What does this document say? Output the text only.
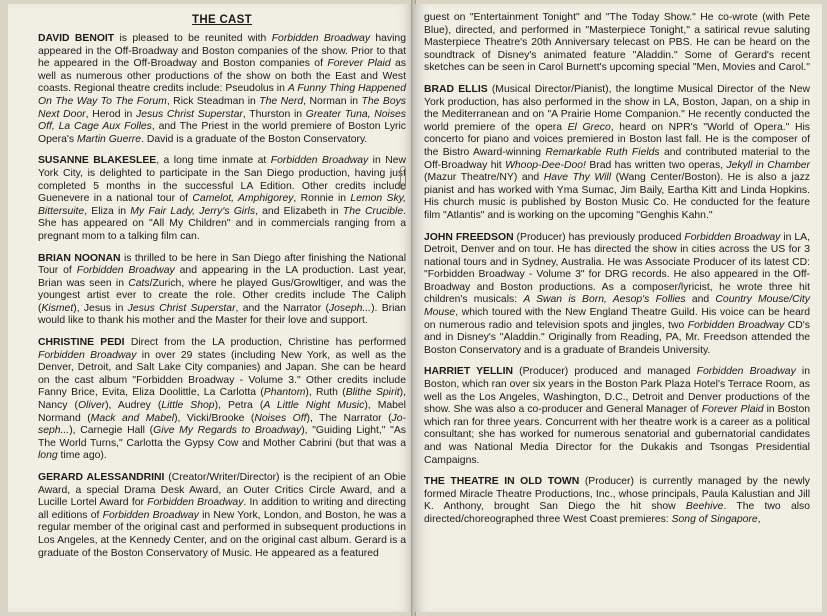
THE CAST

DAVID BENOIT is pleased to be reunited with Forbidden Broadway having appeared in the Off-Broadway and Boston companies of the show. Prior to that he appeared in the Off-Broadway and Boston companies of Forever Plaid as well as numerous other productions of the show on both the East and West coasts. Regional theatre credits include: Pseudolus in A Funny Thing Happened On The Way To The Forum, Rick Steadman in The Nerd, Norman in The Boys Next Door, Herod in Jesus Christ Superstar, Thurston in Greater Tuna, Noises Off, La Cage Aux Folles, and The Priest in the world premiere of Boston Lyric Opera's Martin Guerre. David is a graduate of the Boston Conservatory.

SUSANNE BLAKESLEE, a long time inmate at Forbidden Broadway in New York City, is delighted to participate in the San Diego production, having just completed 5 months in the successful LA Edition. Other credits include Guenevere in a national tour of Camelot, Amphigorey, Ronnie in Lemon Sky, Bittersuite, Eliza in My Fair Lady, Jerry's Girls, and Elizabeth in The Crucible. She has appeared on "All My Children" and in commercials ranging from a pregnant mom to a talking film can.

BRIAN NOONAN is thrilled to be here in San Diego after finishing the National Tour of Forbidden Broadway and appearing in the LA production. Last year, Brian was seen in Cats/Zurich, where he played Gus/Growltiger, and was the youngest artist ever to create the role. Other credits include The Caliph (Kismet), Jesus in Jesus Christ Superstar, and the Narrator (Joseph...). Brian would like to thank his mother and the Master for their love and support.

CHRISTINE PEDI Direct from the LA production, Christine has performed Forbidden Broadway in over 29 states (including New York, as well as the Denver, Detroit, and Salt Lake City companies) and Japan. She can be heard on the cast album "Forbidden Broadway - Volume 3." Other credits include Fanny Brice, Evita, Eliza Doolittle, La Carlotta (Phantom), Ruth (Blithe Spirit), Nancy (Oliver), Audrey (Little Shop), Petra (A Little Night Music), Mabel Normand (Mack and Mabel), Vicki/Brooke (Noises Off), The Narrator (Jo-seph...), Carnegie Hall (Give My Regards to Broadway), "Guiding Light," "As The World Turns," Carlotta the Gypsy Cow and Mother Cabrini (but that was a long time ago).

GERARD ALESSANDRINI (Creator/Writer/Director) is the recipient of an Obie Award, a special Drama Desk Award, an Outer Critics Circle Award, and a Lucille Lortel Award for Forbidden Broadway. In addition to writing and directing all editions of Forbidden Broadway in New York, London, and Boston, he was a regular member of the original cast and performed in subsequent productions in Los Angeles, at the Kennedy Center, and on the original cast album. Gerard is a graduate of the Boston Conservatory of Music. He appeared as a featured

guest on "Entertainment Tonight" and "The Today Show." He co-wrote (with Pete Blue), directed, and performed in "Masterpiece Tonight," a satirical revue saluting Masterpiece Theatre's 20th Anniversary telecast on PBS. He can be heard on the soundtrack of Disney's animated feature "Aladdin." Some of Gerard's recent sketches can be seen in Carol Burnett's upcoming special "Men, Movies and Carol."

BRAD ELLIS (Musical Director/Pianist), the longtime Musical Director of the New York production, has also performed in the show in LA, Boston, Japan, on a ship in the Mediterranean and on "A Prairie Home Companion." He recently conducted the world premiere of the opera El Greco, heard on NPR's "World of Opera." His concerto for piano and voices premiered in Boston last fall. He is the composer of the Bistro Award-winning Remarkable Ruth Fields and contributed material to the Off-Broadway hit Whoop-Dee-Doo! Brad has written two operas, Jekyll in Chamber (Mazur Theatre/NY) and Have Thy Will (Wang Center/Boston). He is also a jazz pianist and has worked with Yma Sumac, Jim Baily, Eartha Kitt and Linda Hopkins. His church music is published by Boston Music Co. He conducted for the feature film "Atlantis" and is working on the upcoming "Genghis Kahn."

JOHN FREEDSON (Producer) has previously produced Forbidden Broadway in LA, Detroit, Denver and on tour. He has directed the show in cities across the US for 3 national tours and in Sydney, Australia. He was Associate Producer of its latest CD: "Forbidden Broadway - Volume 3" for DRG records. He also appeared in the Off-Broadway and Boston productions. As a composer/lyricist, he wrote three hit children's musicals: A Swan is Born, Aesop's Follies and Country Mouse/City Mouse, which toured with the New England Theatre Guild. His voice can be heard on numerous radio and television spots and jingles, two Forbidden Broadway CD's and in Disney's "Aladdin." Originally from Reading, PA, Mr. Freedson attended the Boston Conservatory and is a graduate of Brandeis University.

HARRIET YELLIN (Producer) produced and managed Forbidden Broadway in Boston, which ran over six years in the Boston Park Plaza Hotel's Terrace Room, as well as the Los Angeles, Washington, D.C., Detroit and Denver productions of the show. She was also a co-producer and General Manager of Forever Plaid in Boston which ran for three years. Concurrent with her theatre work is a career as a political consultant; she has worked for numerous senatorial and gubernatorial candidates and was National Media Director for the Dukakis and Tsongas Presidential Campaigns.

THE THEATRE IN OLD TOWN (Producer) is currently managed by the newly formed Miracle Theatre Productions, Inc., whose principals, Paula Kalustian and Jill K. Anthony, brought San Diego the hit show Beehive. The two also directed/choreographed three West Coast premieres: Song of Singapore,
